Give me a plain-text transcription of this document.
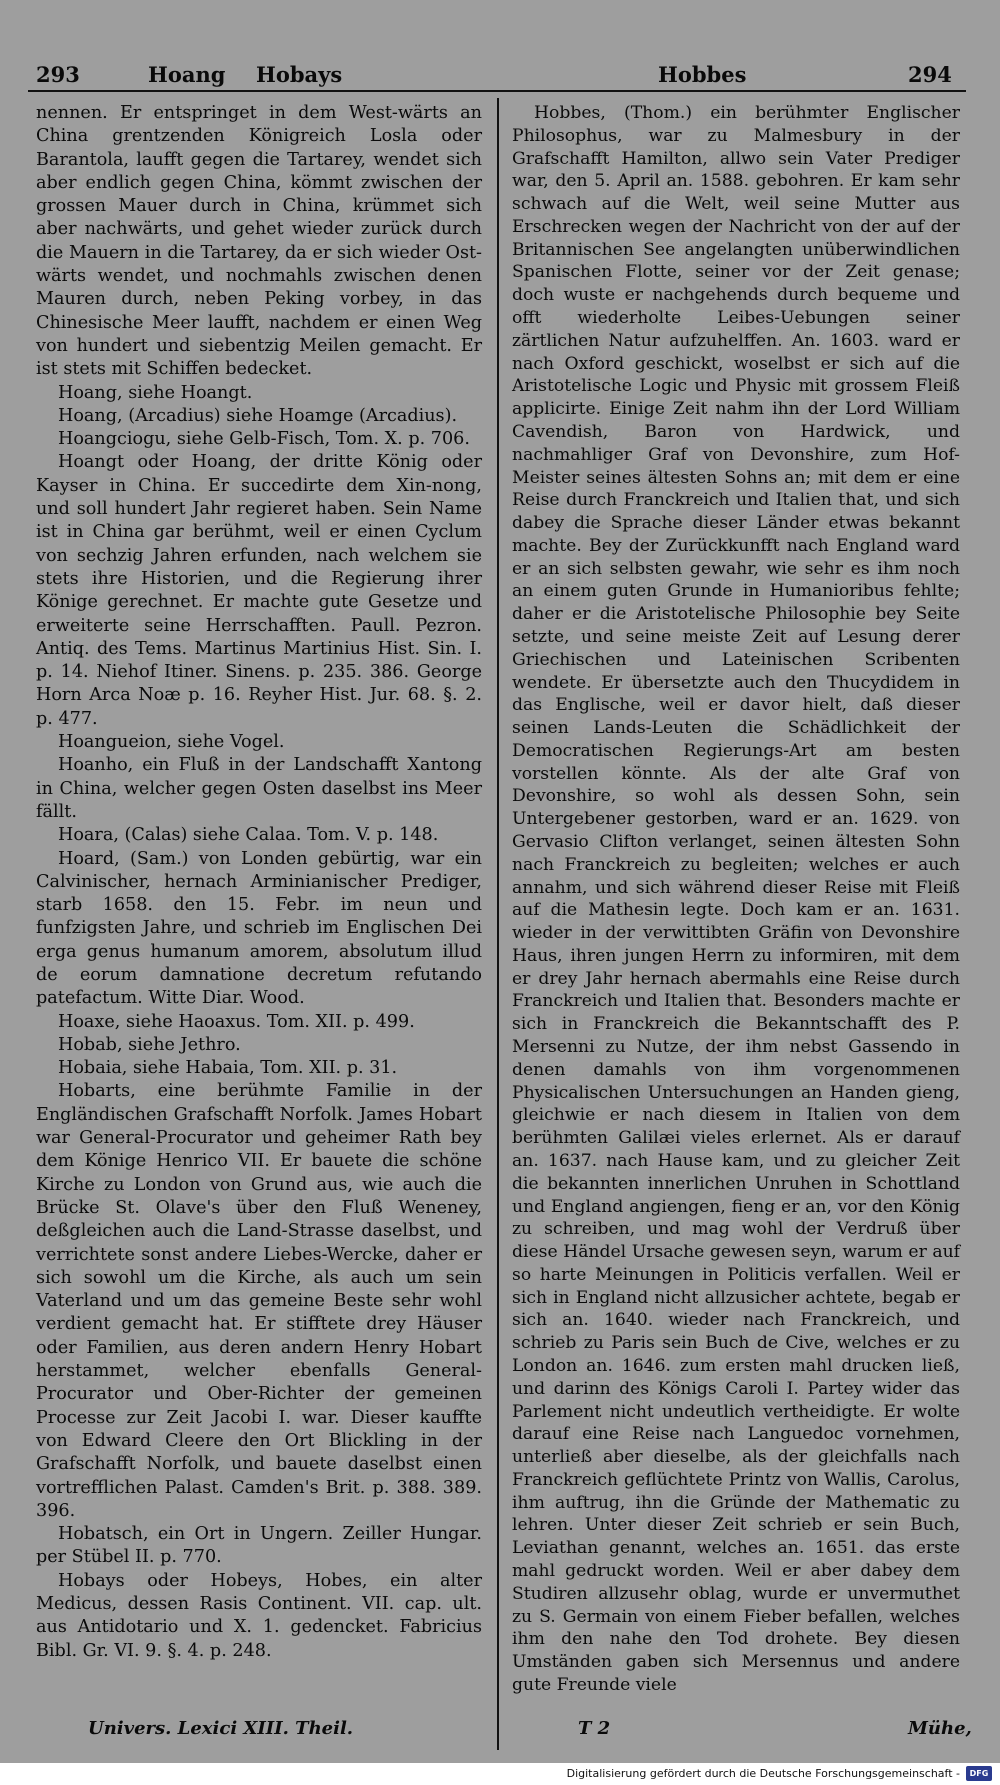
293	Hoang Hobays	Hobbes	294

nennen. Er entspringet in dem West-wärts an China grentzenden Königreich Losla oder Barantola, laufft gegen die Tartarey, wendet sich aber endlich gegen China, kömmt zwischen der grossen Mauer durch in China, krümmet sich aber nachwärts, und gehet wieder zurück durch die Mauern in die Tartarey, da er sich wieder Ost-wärts wendet, und nochmahls zwischen denen Mauren durch, neben Peking vorbey, in das Chinesische Meer laufft, nachdem er einen Weg von hundert und siebentzig Meilen gemacht. Er ist stets mit Schiffen bedecket.

Hoang, siehe Hoangt.

Hoang, (Arcadius) siehe Hoamge (Arcadius).

Hoangciogu, siehe Gelb-Fisch, Tom. X. p. 706.

Hoangt oder Hoang, der dritte König oder Kayser in China. Er succedirte dem Xin-nong, und soll hundert Jahr regieret haben. Sein Name ist in China gar berühmt, weil er einen Cyclum von sechzig Jahren erfunden, nach welchem sie stets ihre Historien, und die Regierung ihrer Könige gerechnet. Er machte gute Gesetze und erweiterte seine Herrschafften. Paull. Pezron. Antiq. des Tems. Martinus Martinius Hist. Sin. I. p. 14. Niehof Itiner. Sinens. p. 235. 386. George Horn Arca Noæ p. 16. Reyher Hist. Jur. 68. §. 2. p. 477.

Hoangueion, siehe Vogel.

Hoanho, ein Fluß in der Landschafft Xantong in China, welcher gegen Osten daselbst ins Meer fällt.

Hoara, (Calas) siehe Calaa. Tom. V. p. 148.

Hoard, (Sam.) von Londen gebürtig, war ein Calvinischer, hernach Arminianischer Prediger, starb 1658. den 15. Febr. im neun und funfzigsten Jahre, und schrieb im Englischen Dei erga genus humanum amorem, absolutum illud de eorum damnatione decretum refutando patefactum. Witte Diar. Wood.

Hoaxe, siehe Haoaxus. Tom. XII. p. 499.

Hobab, siehe Jethro.

Hobaia, siehe Habaia, Tom. XII. p. 31.

Hobarts, eine berühmte Familie in der Engländischen Grafschafft Norfolk. James Hobart war General-Procurator und geheimer Rath bey dem Könige Henrico VII. Er bauete die schöne Kirche zu London von Grund aus, wie auch die Brücke St. Olave's über den Fluß Weneney, deßgleichen auch die Land-Strasse daselbst, und verrichtete sonst andere Liebes-Wercke, daher er sich sowohl um die Kirche, als auch um sein Vaterland und um das gemeine Beste sehr wohl verdient gemacht hat. Er stifftete drey Häuser oder Familien, aus deren andern Henry Hobart herstammet, welcher ebenfalls General-Procurator und Ober-Richter der gemeinen Processe zur Zeit Jacobi I. war. Dieser kauffte von Edward Cleere den Ort Blickling in der Grafschafft Norfolk, und bauete daselbst einen vortrefflichen Palast. Camden's Brit. p. 388. 389. 396.

Hobatsch, ein Ort in Ungern. Zeiller Hungar. per Stübel II. p. 770.

Hobays oder Hobeys, Hobes, ein alter Medicus, dessen Rasis Continent. VII. cap. ult. aus Antidotario und X. 1. gedencket. Fabricius Bibl. Gr. VI. 9. §. 4. p. 248.

Hobbes, (Thom.) ein berühmter Englischer Philosophus, war zu Malmesbury in der Grafschafft Hamilton, allwo sein Vater Prediger war, den 5. April an. 1588. gebohren. Er kam sehr schwach auf die Welt, weil seine Mutter aus Erschrecken wegen der Nachricht von der auf der Britannischen See angelangten unüberwindlichen Spanischen Flotte, seiner vor der Zeit genase; doch wuste er nachgehends durch bequeme und offt wiederholte Leibes-Uebungen seiner zärtlichen Natur aufzuhelffen. An. 1603. ward er nach Oxford geschickt, woselbst er sich auf die Aristotelische Logic und Physic mit grossem Fleiß applicirte. Einige Zeit nahm ihn der Lord William Cavendish, Baron von Hardwick, und nachmahliger Graf von Devonshire, zum Hof-Meister seines ältesten Sohns an; mit dem er eine Reise durch Franckreich und Italien that, und sich dabey die Sprache dieser Länder etwas bekannt machte. Bey der Zurückkunfft nach England ward er an sich selbsten gewahr, wie sehr es ihm noch an einem guten Grunde in Humanioribus fehlte; daher er die Aristotelische Philosophie bey Seite setzte, und seine meiste Zeit auf Lesung derer Griechischen und Lateinischen Scribenten wendete. Er übersetzte auch den Thucydidem in das Englische, weil er davor hielt, daß dieser seinen Lands-Leuten die Schädlichkeit der Democratischen Regierungs-Art am besten vorstellen könnte. Als der alte Graf von Devonshire, so wohl als dessen Sohn, sein Untergebener gestorben, ward er an. 1629. von Gervasio Clifton verlanget, seinen ältesten Sohn nach Franckreich zu begleiten; welches er auch annahm, und sich während dieser Reise mit Fleiß auf die Mathesin legte. Doch kam er an. 1631. wieder in der verwittibten Gräfin von Devonshire Haus, ihren jungen Herrn zu informiren, mit dem er drey Jahr hernach abermahls eine Reise durch Franckreich und Italien that. Besonders machte er sich in Franckreich die Bekanntschafft des P. Mersenni zu Nutze, der ihm nebst Gassendo in denen damahls von ihm vorgenommenen Physicalischen Untersuchungen an Handen gieng, gleichwie er nach diesem in Italien von dem berühmten Galilæi vieles erlernet. Als er darauf an. 1637. nach Hause kam, und zu gleicher Zeit die bekannten innerlichen Unruhen in Schottland und England angiengen, fieng er an, vor den König zu schreiben, und mag wohl der Verdruß über diese Händel Ursache gewesen seyn, warum er auf so harte Meinungen in Politicis verfallen. Weil er sich in England nicht allzusicher achtete, begab er sich an. 1640. wieder nach Franckreich, und schrieb zu Paris sein Buch de Cive, welches er zu London an. 1646. zum ersten mahl drucken ließ, und darinn des Königs Caroli I. Partey wider das Parlement nicht undeutlich vertheidigte. Er wolte darauf eine Reise nach Languedoc vornehmen, unterließ aber dieselbe, als der gleichfalls nach Franckreich geflüchtete Printz von Wallis, Carolus, ihm auftrug, ihn die Gründe der Mathematic zu lehren. Unter dieser Zeit schrieb er sein Buch, Leviathan genannt, welches an. 1651. das erste mahl gedruckt worden. Weil er aber dabey dem Studiren allzusehr oblag, wurde er unvermuthet zu S. Germain von einem Fieber befallen, welches ihm den nahe den Tod drohete. Bey diesen Umständen gaben sich Mersennus und andere gute Freunde viele

Univers. Lexici XIII. Theil.	T 2	Mühe,
Digitalisierung gefördert durch die Deutsche Forschungsgemeinschaft -	DFG
